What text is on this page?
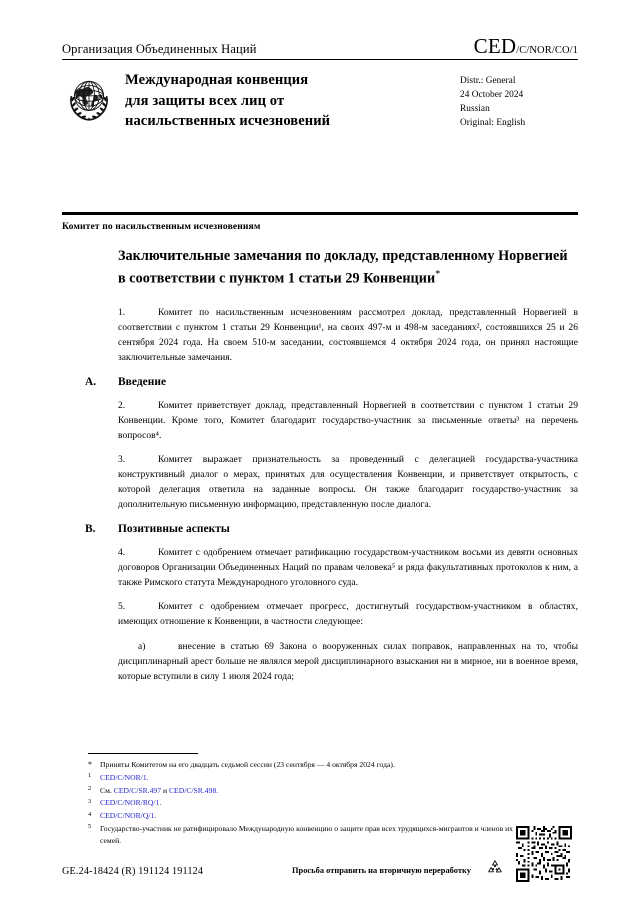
Организация Объединенных Наций	CED/C/NOR/CO/1
Международная конвенция
для защиты всех лиц от
насильственных исчезновений
Distr.: General
24 October 2024
Russian
Original: English
Комитет по насильственным исчезновениям
Заключительные замечания по докладу, представленному Норвегией в соответствии с пунктом 1 статьи 29 Конвенции*

1.	Комитет по насильственным исчезновениям рассмотрел доклад, представленный Норвегией в соответствии с пунктом 1 статьи 29 Конвенции¹, на своих 497-м и 498-м заседаниях², состоявшихся 25 и 26 сентября 2024 года. На своем 510-м заседании, состоявшемся 4 октября 2024 года, он принял настоящие заключительные замечания.

A.	Введение

2.	Комитет приветствует доклад, представленный Норвегией в соответствии с пунктом 1 статьи 29 Конвенции. Кроме того, Комитет благодарит государство-участник за письменные ответы³ на перечень вопросов⁴.

3.	Комитет выражает признательность за проведенный с делегацией государства-участника конструктивный диалог о мерах, принятых для осуществления Конвенции, и приветствует открытость, с которой делегация ответила на заданные вопросы. Он также благодарит государство-участник за дополнительную письменную информацию, представленную после диалога.

B.	Позитивные аспекты

4.	Комитет с одобрением отмечает ратификацию государством-участником восьми из девяти основных договоров Организации Объединенных Наций по правам человека⁵ и ряда факультативных протоколов к ним, а также Римского статута Международного уголовного суда.

5.	Комитет с одобрением отмечает прогресс, достигнутый государством-участником в областях, имеющих отношение к Конвенции, в частности следующее:

a)	внесение в статью 69 Закона о вооруженных силах поправок, направленных на то, чтобы дисциплинарный арест больше не являлся мерой дисциплинарного взыскания ни в мирное, ни в военное время, которые вступили в силу 1 июля 2024 года;

*	Приняты Комитетом на его двадцать седьмой сессии (23 сентября — 4 октября 2024 года).
1	CED/C/NOR/1.
2	См. CED/C/SR.497 и CED/C/SR.498.
3	CED/C/NOR/RQ/1.
4	CED/C/NOR/Q/1.
5	Государство-участник не ратифицировало Международную конвенцию о защите прав всех трудящихся-мигрантов и членов их семей.
GE.24-18424 (R) 191124 191124	Просьба отправить на вторичную переработку
